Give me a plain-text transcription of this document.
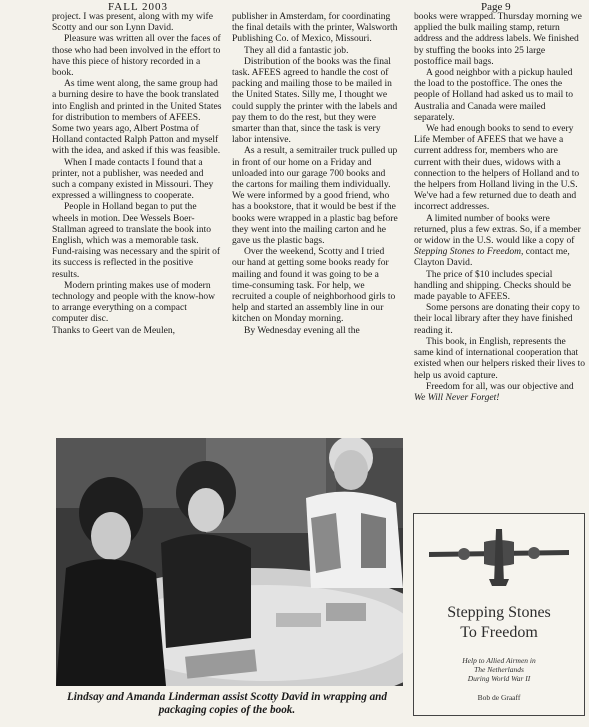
FALL 2003	Page 9

project. I was present, along with my wife Scotty and our son Lynn David.

Pleasure was written all over the faces of those who had been involved in the effort to have this piece of history recorded in a book.

As time went along, the same group had a burning desire to have the book translated into English and printed in the United States for distribution to members of AFEES. Some two years ago, Albert Postma of Holland contacted Ralph Patton and myself with the idea, and asked if this was feasible.

When I made contacts I found that a printer, not a publisher, was needed and such a company existed in Missouri. They expressed a willingness to cooperate.

People in Holland began to put the wheels in motion. Dee Wessels Boer-Stallman agreed to translate the book into English, which was a memorable task. Fund-raising was necessary and the spirit of its success is reflected in the positive results.

Modern printing makes use of modern technology and people with the know-how to arrange everything on a compact computer disc.

Thanks to Geert van de Meulen,

publisher in Amsterdam, for coordinating the final details with the printer, Walsworth Publishing Co. of Mexico, Missouri.

They all did a fantastic job.

Distribution of the books was the final task. AFEES agreed to handle the cost of packing and mailing those to be mailed in the United States. Silly me, I thought we could supply the printer with the labels and pay them to do the rest, but they were smarter than that, since the task is very labor intensive.

As a result, a semitrailer truck pulled up in front of our home on a Friday and unloaded into our garage 700 books and the cartons for mailing them individually. We were informed by a good friend, who has a bookstore, that it would be best if the books were wrapped in a plastic bag before they went into the mailing carton and he gave us the plastic bags.

Over the weekend, Scotty and I tried our hand at getting some books ready for mailing and found it was going to be a time-consuming task. For help, we recruited a couple of neighborhood girls to help and started an assembly line in our kitchen on Monday morning.

By Wednesday evening all the

books were wrapped. Thursday morning we applied the bulk mailing stamp, return address and the address labels. We finished by stuffing the books into 25 large postoffice mail bags.

A good neighbor with a pickup hauled the load to the postoffice. The ones the people of Holland had asked us to mail to Australia and Canada were mailed separately.

We had enough books to send to every Life Member of AFEES that we have a current address for, members who are current with their dues, widows with a connection to the helpers of Holland and to the helpers from Holland living in the U.S. We've had a few returned due to death and incorrect addresses.

A limited number of books were returned, plus a few extras. So, if a member or widow in the U.S. would like a copy of Stepping Stones to Freedom, contact me, Clayton David.

The price of $10 includes special handling and shipping. Checks should be made payable to AFEES.

Some persons are donating their copy to their local library after they have finished reading it.

This book, in English, represents the same kind of international cooperation that existed when our helpers risked their lives to help us avoid capture.

Freedom for all, was our objective and We Will Never Forget!

Lindsay and Amanda Linderman assist Scotty David in wrapping and packaging copies of the book.
Stepping Stones
To Freedom
Help to Allied Airmen in
The Netherlands
During World War II
Bob de Graaff
